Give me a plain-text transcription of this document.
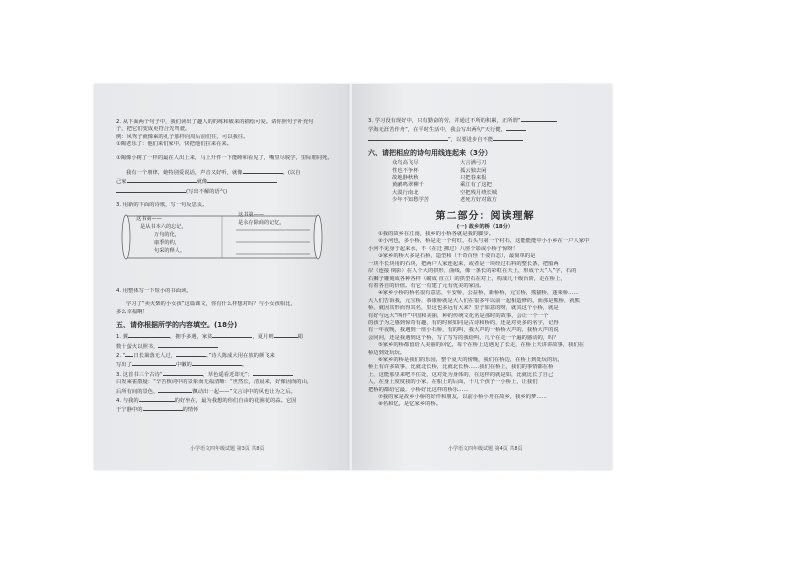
2. 从下面两个句子中，我们读出了趣人的的练和敏来的描绘可爱。请你照句子补充句
子，把它们变成更符合先驾驶。
例：风驾子就像乘的孔子那样向周后前们往，可以我往。
①陶老乐了：他们来们家中，快把他们拉来在来。
①陶像小树了一样的最在人出上来，马上升件一下能睡和看见了，嘴里尽脱学，里际朋同死。
我有一个朋律，她特别爱说话，声音又好听，就像	。(以自
己家	就像
(写出不解的语气)
3. 用新的下面的诗歌，写一句反思页。
这书第——
是从书本六的忘记，
万句的化，
康季的约，
句采的释人。
这书第——
是永存除商的记忆，
4. 用整体写一下短小的书面读。
学习了“卖火柴的小女孩”这篇课文，你有什么样想对吗？与小女孩相比，
多么幸福啊！
五、请你根据所学的内容填空。(18分)
1. 翼	，拥手多遇，家贫	，夏月则	絹
数十萤火以照书，
2. “ 日长篱落无人过，	。”诗人陈成大用在放的颜飞来
写出了	中嫩的	。
3. 这首书三个古诗“	，草色遥看近却无”；
白发乘雀散疑：“辛苦核词中的景象而无福清晰：“世然长，清晨来，好像因而的山，
后所有间的景色，	飘动出一起——”文言诗中的风也让为之后。
4. 与我的	的好坐在，最为我想的你们自由的花圈花的蒜。它因
于宁静中的	的情怀
小学语文四年级试题 第3页 共8页
3. 学习没有现好中，只有勤奋的劳，并通过不所的积累，正所谓“
学海无涯苦作舟”，在平时生活中，我会写出两句“天行健，
”，以要进步自不能
六、请把相应的诗句用线连起来（3分）
众鸟高飞尽	大言满弓刀
性也不争杯	孤云独去闲
故地静秋秋	只把春来报
黄鹂鸣翠柳千	乘江有了这把
大漠行南北	空把残月绕长城
少年不知愁学苦	老死方好对敌方
第二部分：阅读理解
(一) 故乡的桥（18分）
①我的故乡在江南，我乡的小桥各就是我的脚步。
②小河也，多小桥，桥是走一个村红，石头与第一个村石，这能能能中小小乡在一户人家中
小河不见身于起来水，不（在迁 拂过）八座个影或小桥子惊呀！
③家乡的桥大多是石桥，造型和（千奇百怪 千姿百态），最简单的是
一块不长块用的石块，把两户人家连起来，或者是一块经过石料的整长条，把船两
岸（连接 倒影）在人个大的拱形，曲线，像一条长的彩虹在天上，形成个大“人”字，石的
石狮子雕刻成各种各样（砌成 直立）的拱型石在对上，构成几十级台阶，走在桥上，
有着各自的价值。有它一有建了元有优美的家园。
④家乡小桥的桥名很有意思，平安桥，公益桥，新桥桥，元宝桥，熊猫桥，蓬莱桥……
大人们告诉我，元宝桥，恭康桥就是大人们在很多年以前一起相造修的，而那是熊桥，就熊
桥，就因其形而得其名，里这也多远有大来？里子如意的呀，就其这个小桥，就是
有好与远大“叫作”中国和美丽，种的传统文化名是那时的故事，会让一个一个
的孩子为之感到惊奇有趣，有的时候如同是古诗和桥的，还是对更多的名字，记得
有一年夜晚，我遇到一座小石桥，有的叫，我大声的一桥桥大声的，我桥大声的说
会问问，还是我遇到这个桥，写了写写的我给叫，几个在走一个遍的感动的，吗？
⑤家乡的桥都留给人美丽的回忆，每个在桥上边遇见了长走，在桥上天讲讲故事，我们在
桥边到处玩玩。
⑥家乡的桥是我们的乐园，整个夏天的傍晚，我们在桥边，在桥上到处玩的玩，
桥上有许多故事，比就北长桥，比就北长桥……我们在桥上，我们的事情都在桥
上，这能那里来吧不住处，这对处为身体的，在这样的就是如，比就比长了自己
人，在身上度度我的小家，在船上的后面，十几个孩子一小桥上，让我们
把桥的都给它最，小桥好比这样的桥乐……
⑦我的家是故乡小桥的好伴和朋友，以前小桥小舟在故乡，我乡的梦……
⑧名和忆，是忆家乡的桥。
小学语文四年级试题 第4页 共8页
